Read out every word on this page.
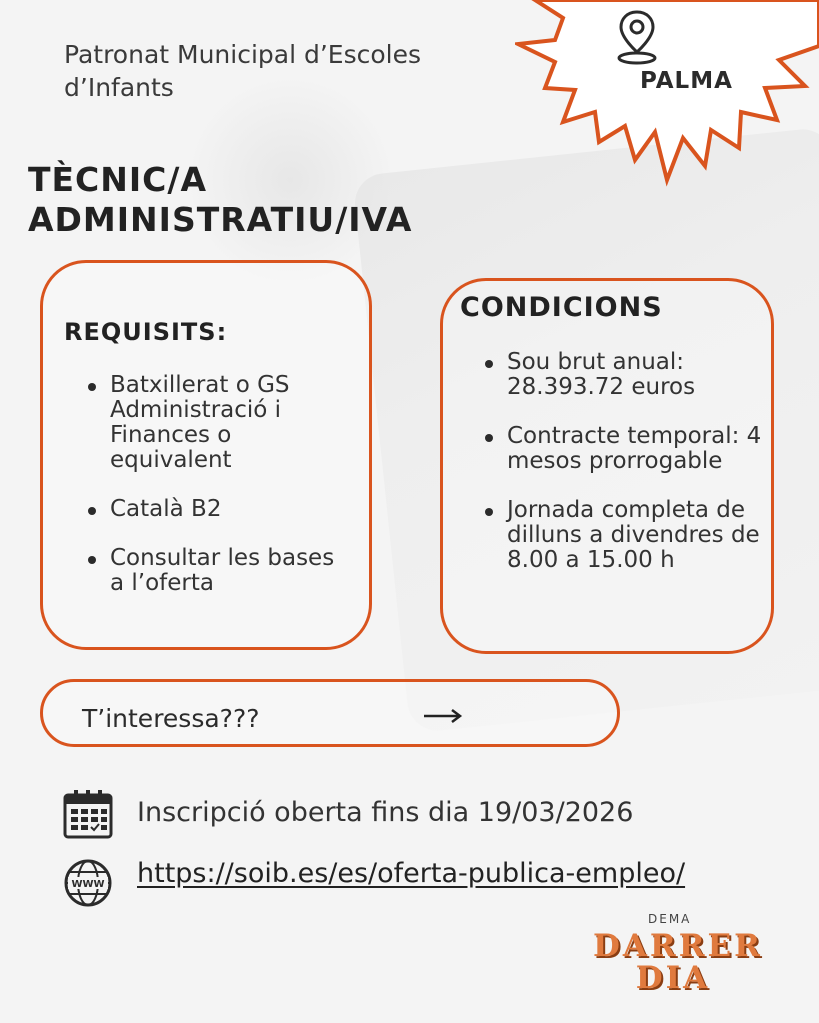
Patronat Municipal d’Escoles
d’Infants
TÈCNIC/A
ADMINISTRATIU/IVA
PALMA
REQUISITS:
Batxillerat o GS Administració i Finances o equivalent
Català B2
Consultar les bases a l’oferta
CONDICIONS
Sou brut anual: 28.393.72 euros
Contracte temporal: 4 mesos prorrogable
Jornada completa de dilluns a divendres de 8.00 a 15.00 h
T’interessa???
Inscripció oberta fins dia 19/03/2026
WWW https://soib.es/es/oferta-publica-empleo/
DEMA
DARRER
DIA
